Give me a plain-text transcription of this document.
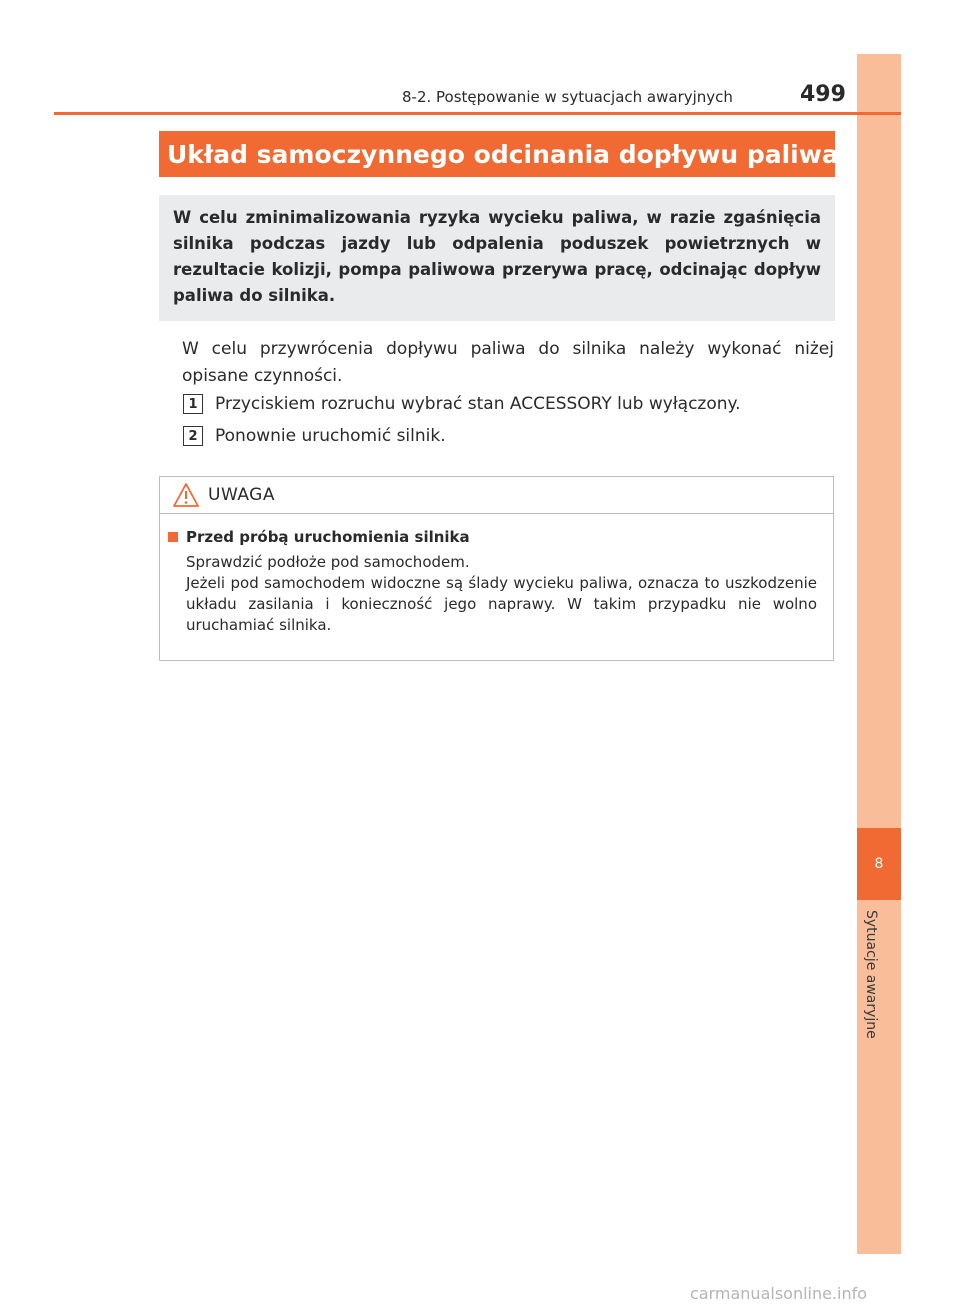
8
Sytuacje awaryjne
8-2. Postępowanie w sytuacjach awaryjnych	499
Układ samoczynnego odcinania dopływu paliwa

W celu zminimalizowania ryzyka wycieku paliwa, w razie zgaśnięcia silnika podczas jazdy lub odpalenia poduszek powietrznych w rezultacie kolizji, pompa paliwowa przerywa pracę, odcinając dopływ paliwa do silnika.

W celu przywrócenia dopływu paliwa do silnika należy wykonać niżej opisane czynności.

1	Przyciskiem rozruchu wybrać stan ACCESSORY lub wyłączony.
2	Ponownie uruchomić silnik.
UWAGA
Przed próbą uruchomienia silnika

Sprawdzić podłoże pod samochodem.

Jeżeli pod samochodem widoczne są ślady wycieku paliwa, oznacza to uszkodzenie układu zasilania i konieczność jego naprawy. W takim przypadku nie wolno uruchamiać silnika.

carmanualsonline.info
